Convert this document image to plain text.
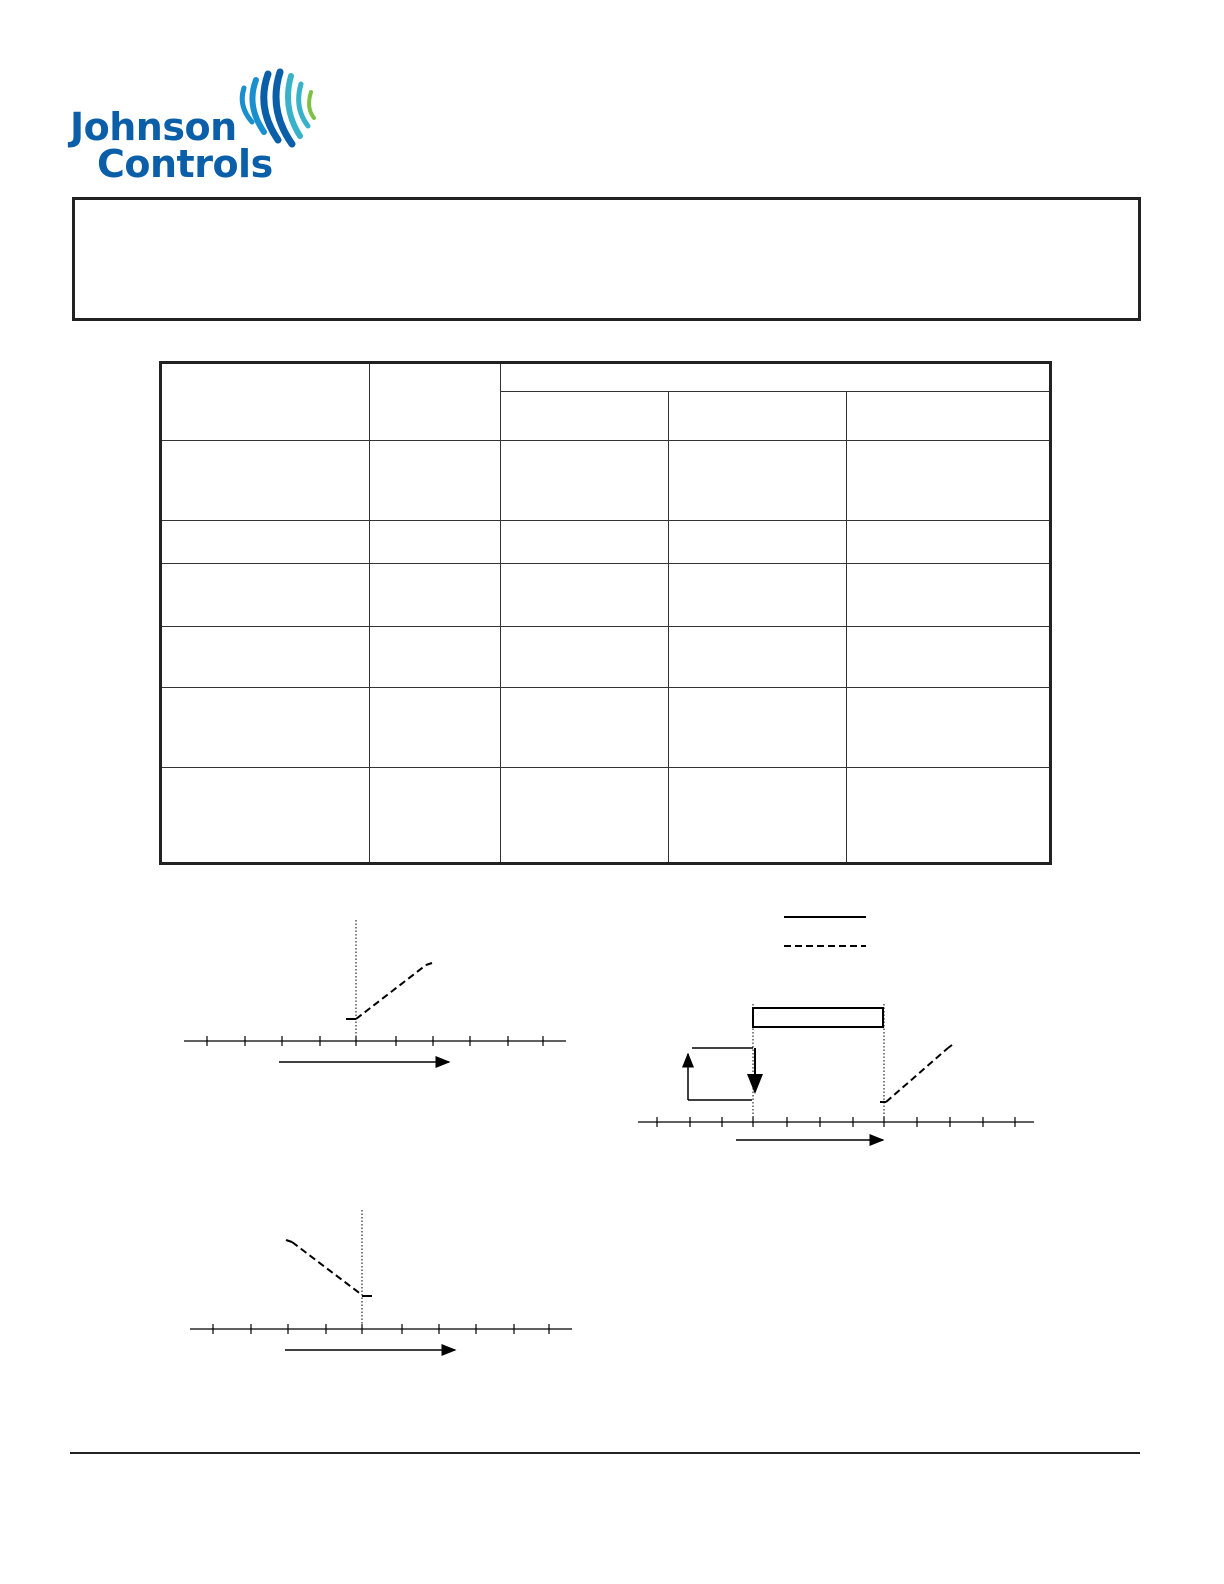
Johnson
Controls
